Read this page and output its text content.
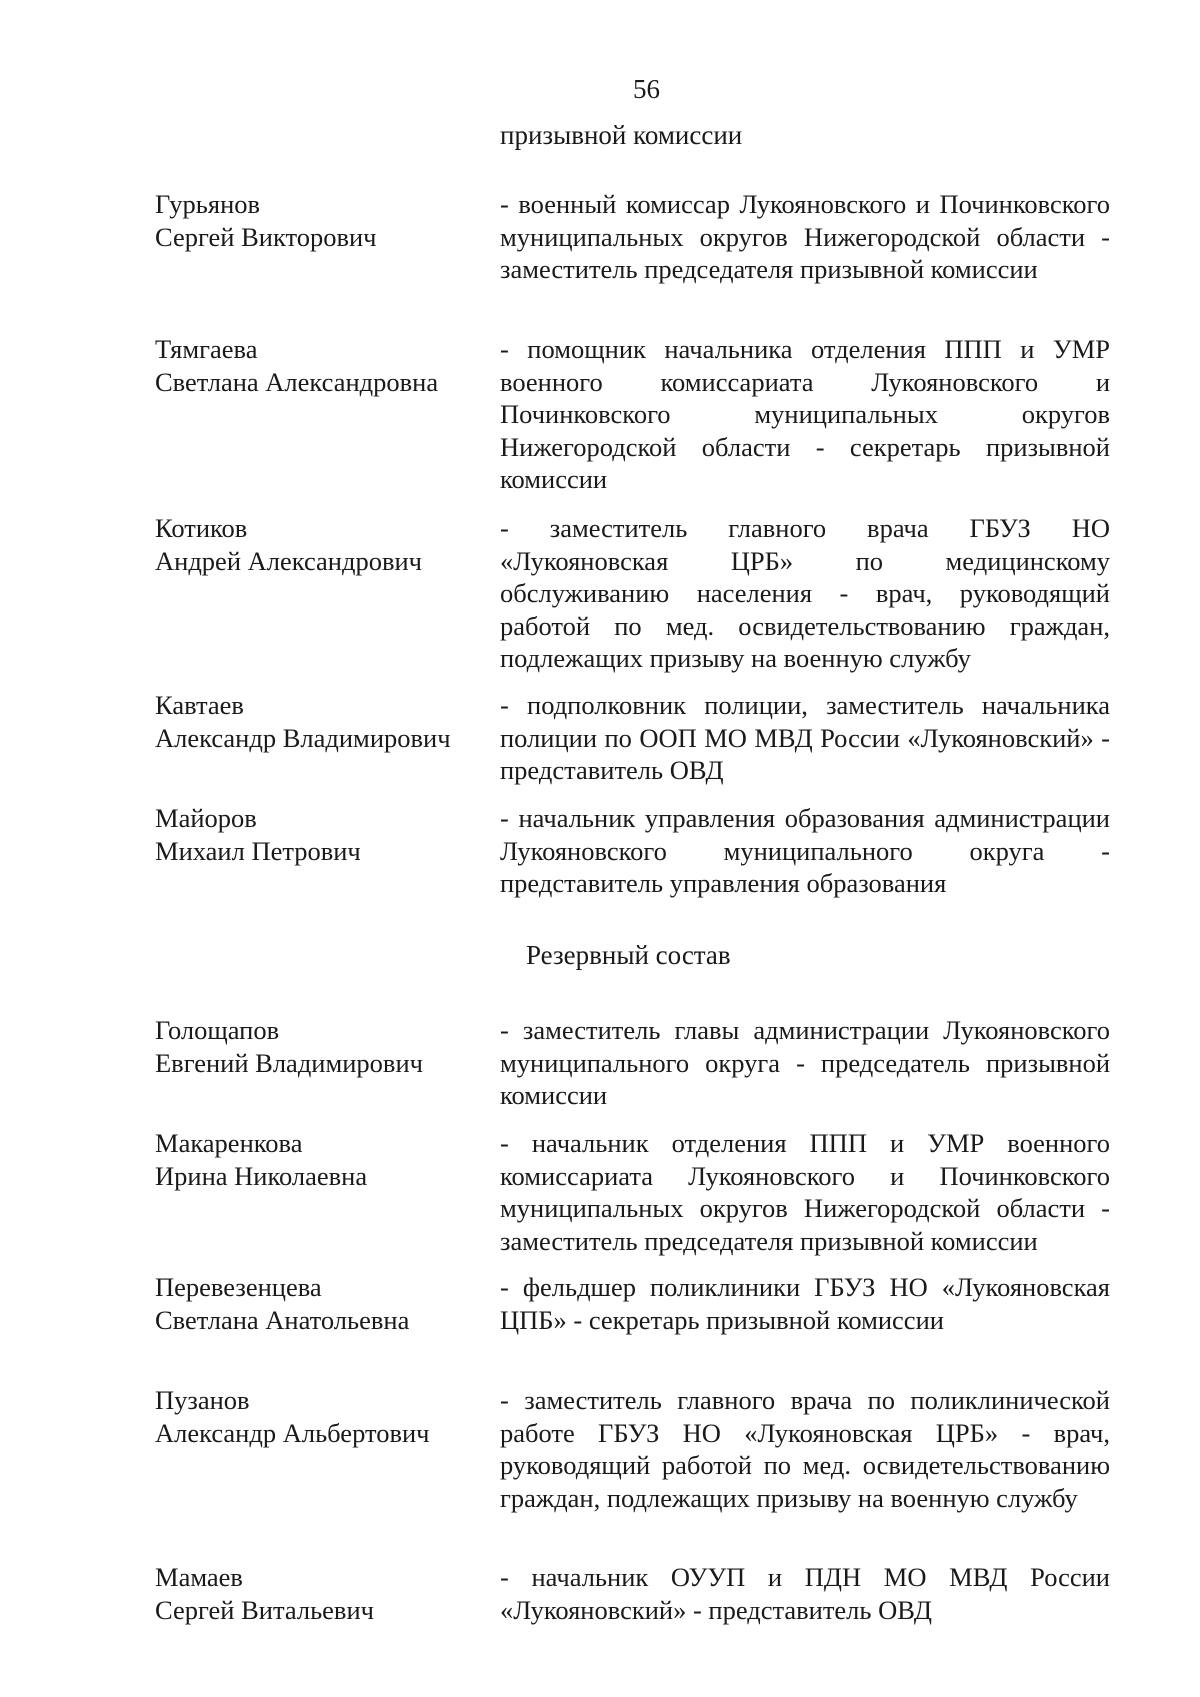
56
призывной комиссии
Гурьянов
Сергей Викторович
- военный комиссар Лукояновского и Починковского муниципальных округов Нижегородской области - заместитель председателя призывной комиссии
Тямгаева
Светлана Александровна
- помощник начальника отделения ППП и УМР военного комиссариата Лукояновского и Починковского муниципальных округов Нижегородской области - секретарь призывной комиссии
Котиков
Андрей Александрович
- заместитель главного врача ГБУЗ НО «Лукояновская ЦРБ» по медицинскому обслуживанию населения - врач, руководящий работой по мед. освидетельствованию граждан, подлежащих призыву на военную службу
Кавтаев
Александр Владимирович
- подполковник полиции, заместитель начальника полиции по ООП МО МВД России «Лукояновский» - представитель ОВД
Майоров
Михаил Петрович
- начальник управления образования администрации Лукояновского муниципального округа - представитель управления образования
Резервный состав
Голощапов
Евгений Владимирович
- заместитель главы администрации Лукояновского муниципального округа - председатель призывной комиссии
Макаренкова
Ирина Николаевна
- начальник отделения ППП и УМР военного комиссариата Лукояновского и Починковского муниципальных округов Нижегородской области - заместитель председателя призывной комиссии
Перевезенцева
Светлана Анатольевна
- фельдшер поликлиники ГБУЗ НО «Лукояновская ЦПБ» - секретарь призывной комиссии
Пузанов
Александр Альбертович
- заместитель главного врача по поликлинической работе ГБУЗ НО «Лукояновская ЦРБ» - врач, руководящий работой по мед. освидетельствованию граждан, подлежащих призыву на военную службу
Мамаев
Сергей Витальевич
- начальник ОУУП и ПДН МО МВД России «Лукояновский» - представитель ОВД
